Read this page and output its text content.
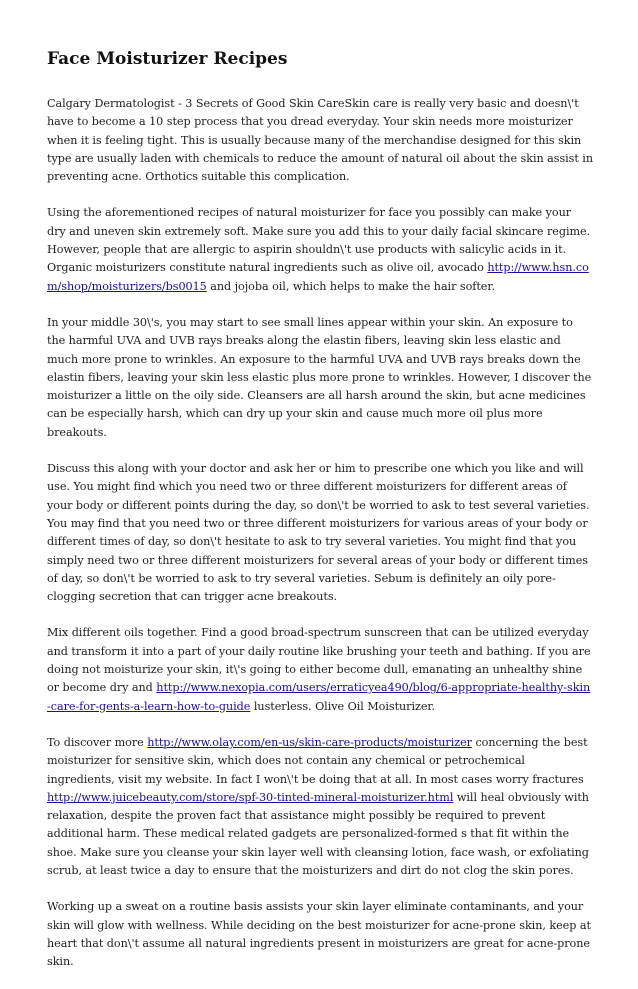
Face Moisturizer Recipes

Calgary Dermatologist - 3 Secrets of Good Skin CareSkin care is really very basic and doesn\'t have to become a 10 step process that you dread everyday. Your skin needs more moisturizer when it is feeling tight. This is usually because many of the merchandise designed for this skin type are usually laden with chemicals to reduce the amount of natural oil about the skin assist in preventing acne. Orthotics suitable this complication.

Using the aforementioned recipes of natural moisturizer for face you possibly can make your dry and uneven skin extremely soft. Make sure you add this to your daily facial skincare regime. However, people that are allergic to aspirin shouldn\'t use products with salicylic acids in it. Organic moisturizers constitute natural ingredients such as olive oil, avocado http://www.hsn.com/shop/moisturizers/bs0015 and jojoba oil, which helps to make the hair softer.

In your middle 30\'s, you may start to see small lines appear within your skin. An exposure to the harmful UVA and UVB rays breaks along the elastin fibers, leaving skin less elastic and much more prone to wrinkles. An exposure to the harmful UVA and UVB rays breaks down the elastin fibers, leaving your skin less elastic plus more prone to wrinkles. However, I discover the moisturizer a little on the oily side. Cleansers are all harsh around the skin, but acne medicines can be especially harsh, which can dry up your skin and cause much more oil plus more breakouts.

Discuss this along with your doctor and ask her or him to prescribe one which you like and will use. You might find which you need two or three different moisturizers for different areas of your body or different points during the day, so don\'t be worried to ask to test several varieties. You may find that you need two or three different moisturizers for various areas of your body or different times of day, so don\'t hesitate to ask to try several varieties. You might find that you simply need two or three different moisturizers for several areas of your body or different times of day, so don\'t be worried to ask to try several varieties. Sebum is definitely an oily pore-clogging secretion that can trigger acne breakouts.

Mix different oils together. Find a good broad-spectrum sunscreen that can be utilized everyday and transform it into a part of your daily routine like brushing your teeth and bathing. If you are doing not moisturize your skin, it\'s going to either become dull, emanating an unhealthy shine or become dry and http://www.nexopia.com/users/erraticyea490/blog/6-appropriate-healthy-skin-care-for-gents-a-learn-how-to-guide lusterless. Olive Oil Moisturizer.

To discover more http://www.olay.com/en-us/skin-care-products/moisturizer concerning the best moisturizer for sensitive skin, which does not contain any chemical or petrochemical ingredients, visit my website. In fact I won\'t be doing that at all. In most cases worry fractures http://www.juicebeauty.com/store/spf-30-tinted-mineral-moisturizer.html will heal obviously with relaxation, despite the proven fact that assistance might possibly be required to prevent additional harm. These medical related gadgets are personalized-formed s that fit within the shoe. Make sure you cleanse your skin layer well with cleansing lotion, face wash, or exfoliating scrub, at least twice a day to ensure that the moisturizers and dirt do not clog the skin pores.

Working up a sweat on a routine basis assists your skin layer eliminate contaminants, and your skin will glow with wellness. While deciding on the best moisturizer for acne-prone skin, keep at heart that don\'t assume all natural ingredients present in moisturizers are great for acne-prone skin.
